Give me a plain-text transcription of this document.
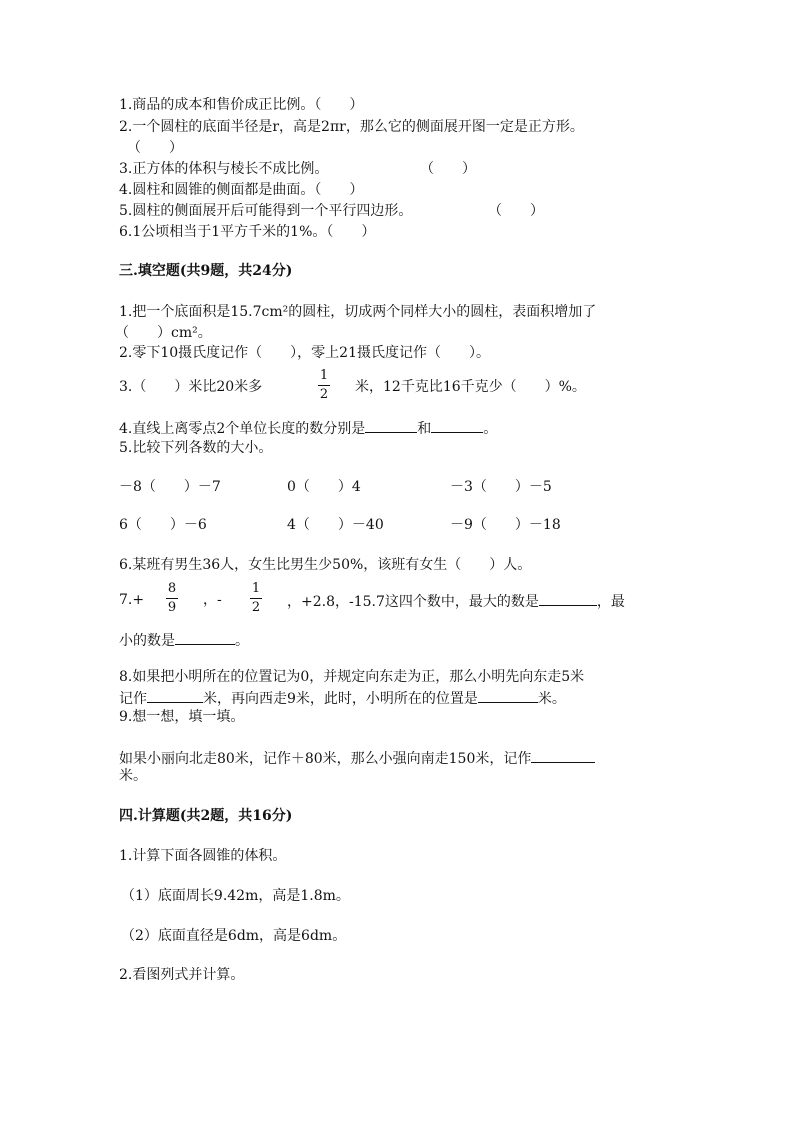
1.商品的成本和售价成正比例。（　　）
2.一个圆柱的底面半径是r，高是2πr，那么它的侧面展开图一定是正方形。
（　　）
3.正方体的体积与棱长不成比例。	（　　）
4.圆柱和圆锥的侧面都是曲面。（　　）
5.圆柱的侧面展开后可能得到一个平行四边形。	（　　）
6.1公顷相当于1平方千米的1%。（　　）
三.填空题(共9题，共24分)
1.把一个底面积是15.7cm²的圆柱，切成两个同样大小的圆柱，表面积增加了
（　　）cm²。
2.零下10摄氏度记作（　　），零上21摄氏度记作（　　）。
3.（　　）米比20米多
1
2 米，12千克比16千克少（　　）%。
4.直线上离零点2个单位长度的数分别是	和	。
5.比较下列各数的大小。
－8（　　）－7	0（　　）4	－3（　　）－5
6（　　）－6	4（　　）－40	－9（　　）－18
6.某班有男生36人，女生比男生少50%，该班有女生（　　）人。
7.+
8
9 ，-
1
2 ，+2.8，-15.7这四个数中，最大的数是	，最
小的数是	。
8.如果把小明所在的位置记为0，并规定向东走为正，那么小明先向东走5米
记作	米，再向西走9米，此时，小明所在的位置是	米。
9.想一想，填一填。
如果小丽向北走80米，记作＋80米，那么小强向南走150米，记作
米。
四.计算题(共2题，共16分)
1.计算下面各圆锥的体积。
（1）底面周长9.42m，高是1.8m。
（2）底面直径是6dm，高是6dm。
2.看图列式并计算。
